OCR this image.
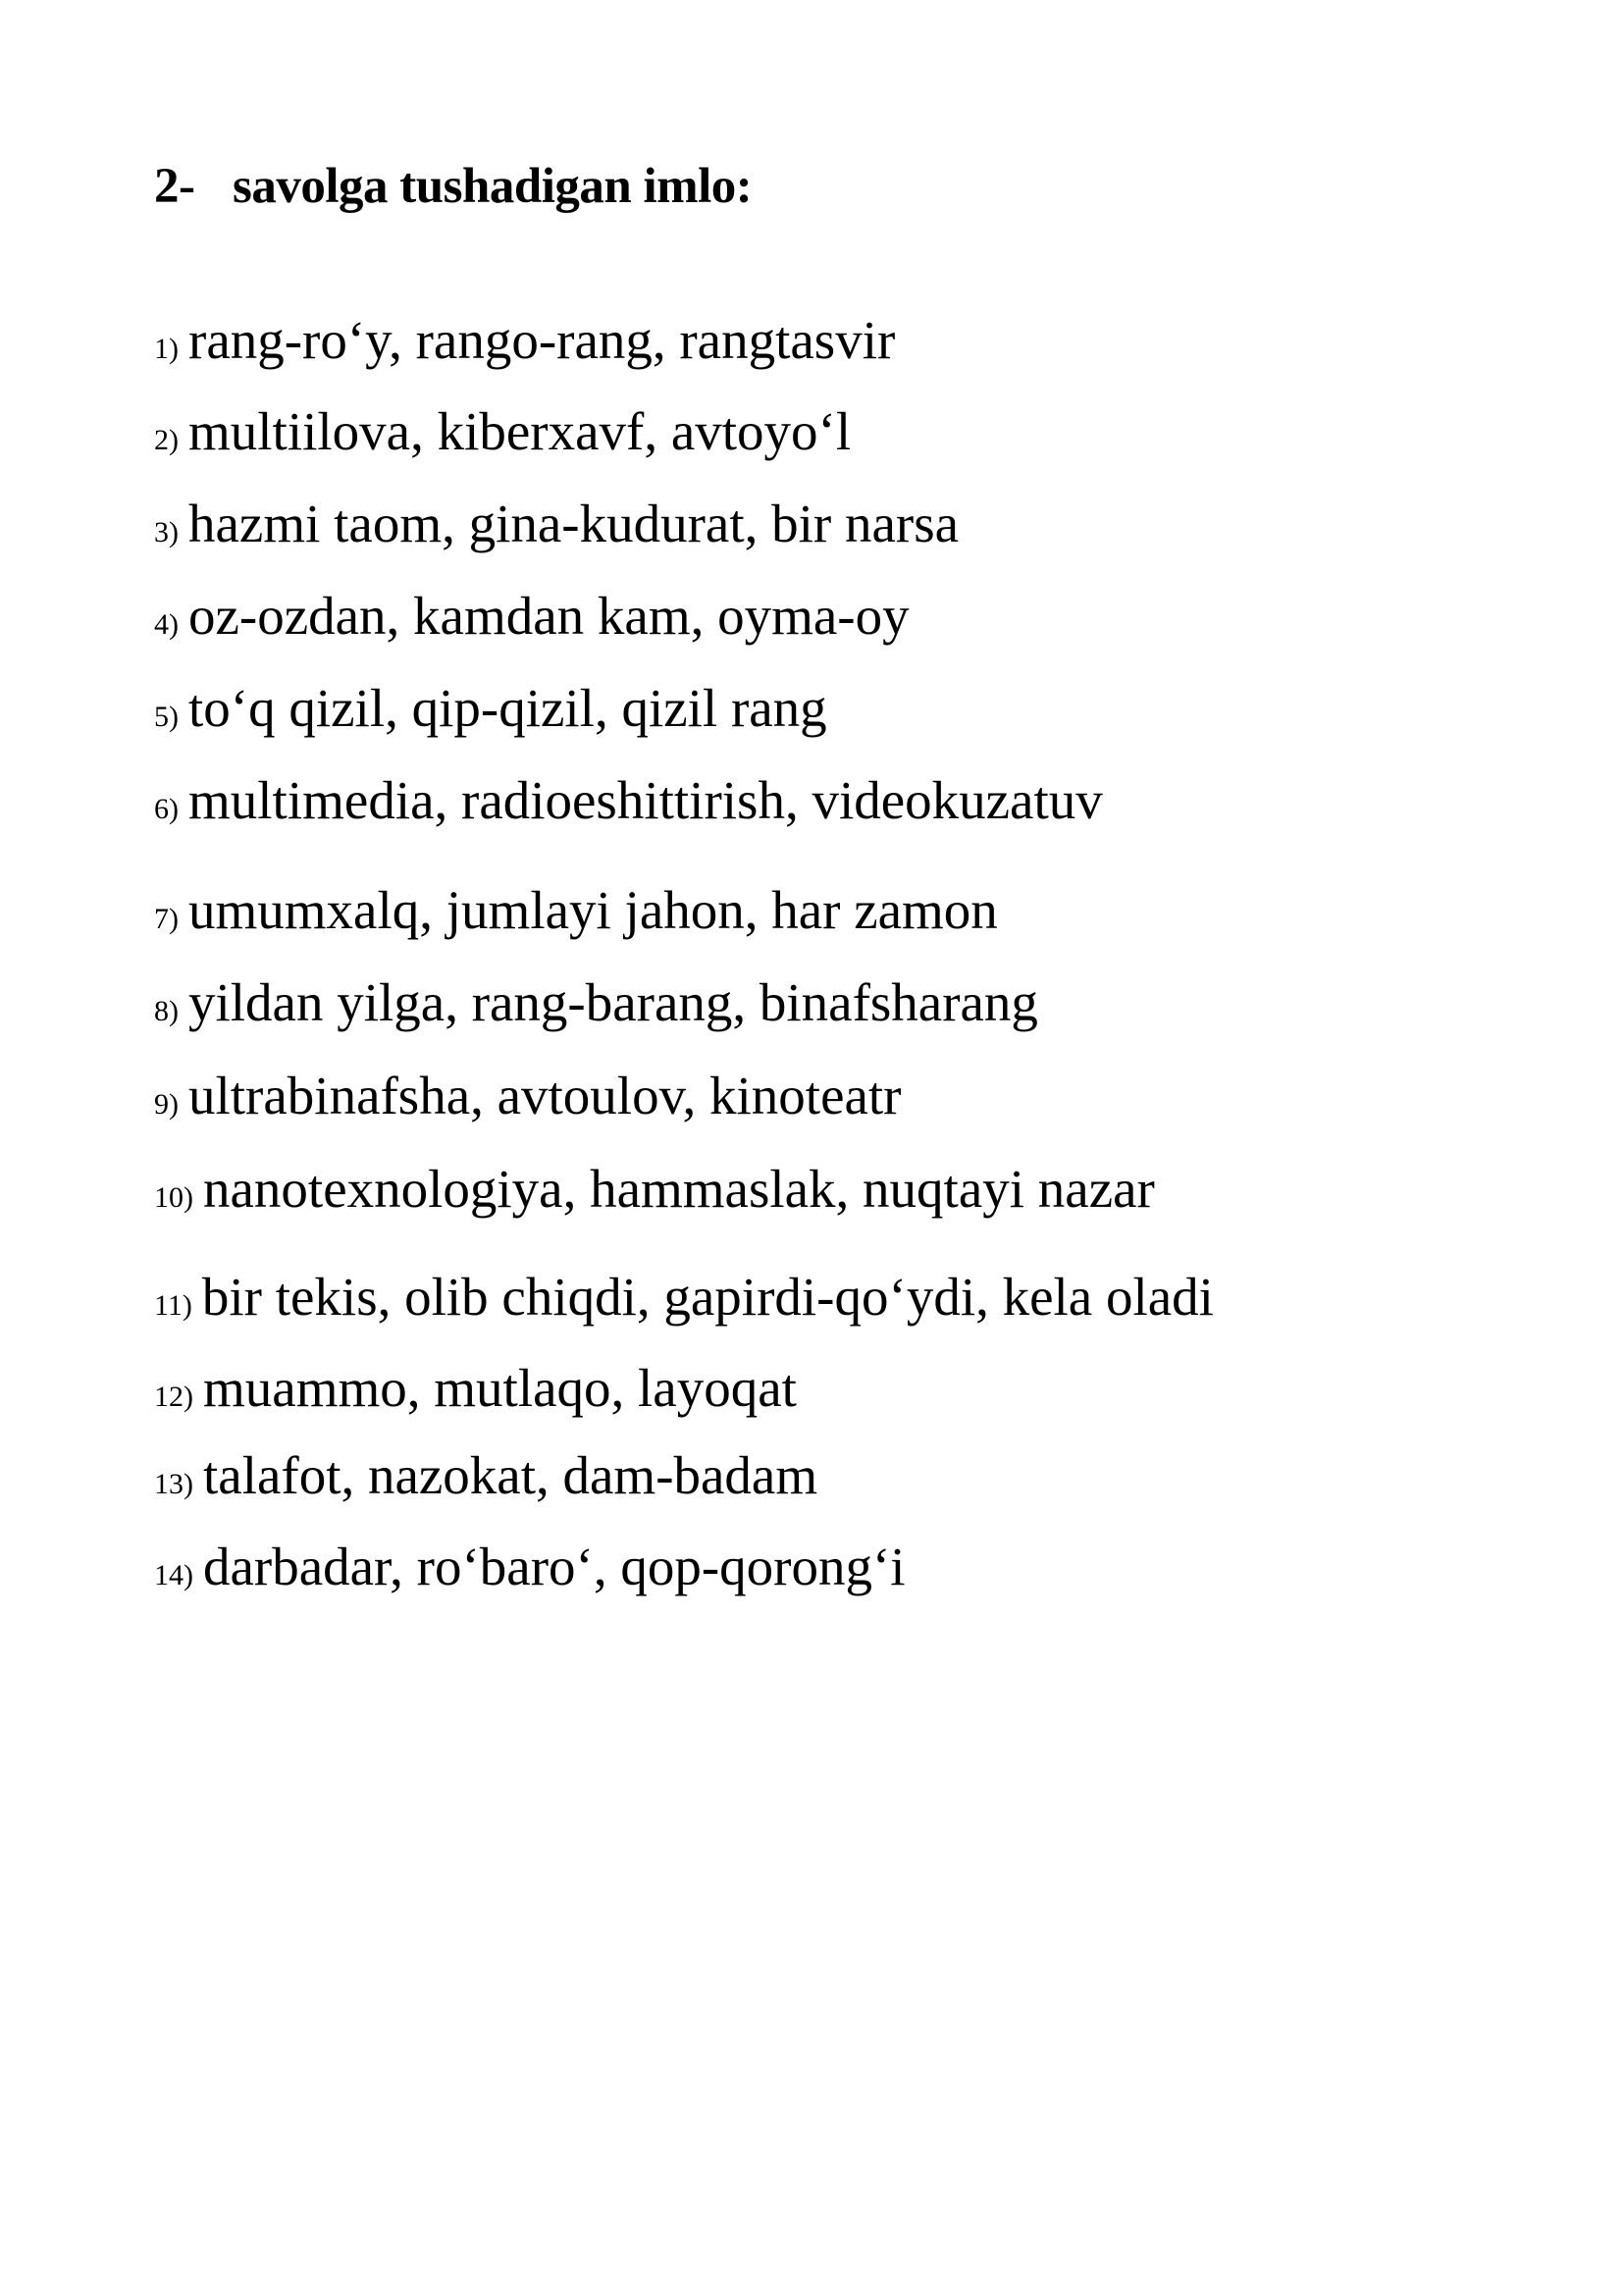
2- savolga tushadigan imlo:
1) rang-ro‘y, rango-rang, rangtasvir
2) multiilova, kiberxavf, avtoyo‘l
3) hazmi taom, gina-kudurat, bir narsa
4) oz-ozdan, kamdan kam, oyma-oy
5) to‘q qizil, qip-qizil, qizil rang
6) multimedia, radioeshittirish, videokuzatuv
7) umumxalq, jumlayi jahon, har zamon
8) yildan yilga, rang-barang, binafsharang
9) ultrabinafsha, avtoulov, kinoteatr
10) nanotexnologiya, hammaslak, nuqtayi nazar
11) bir tekis, olib chiqdi, gapirdi-qo‘ydi, kela oladi
12) muammo, mutlaqo, layoqat
13) talafot, nazokat, dam-badam
14) darbadar, ro‘baro‘, qop-qorong‘i
